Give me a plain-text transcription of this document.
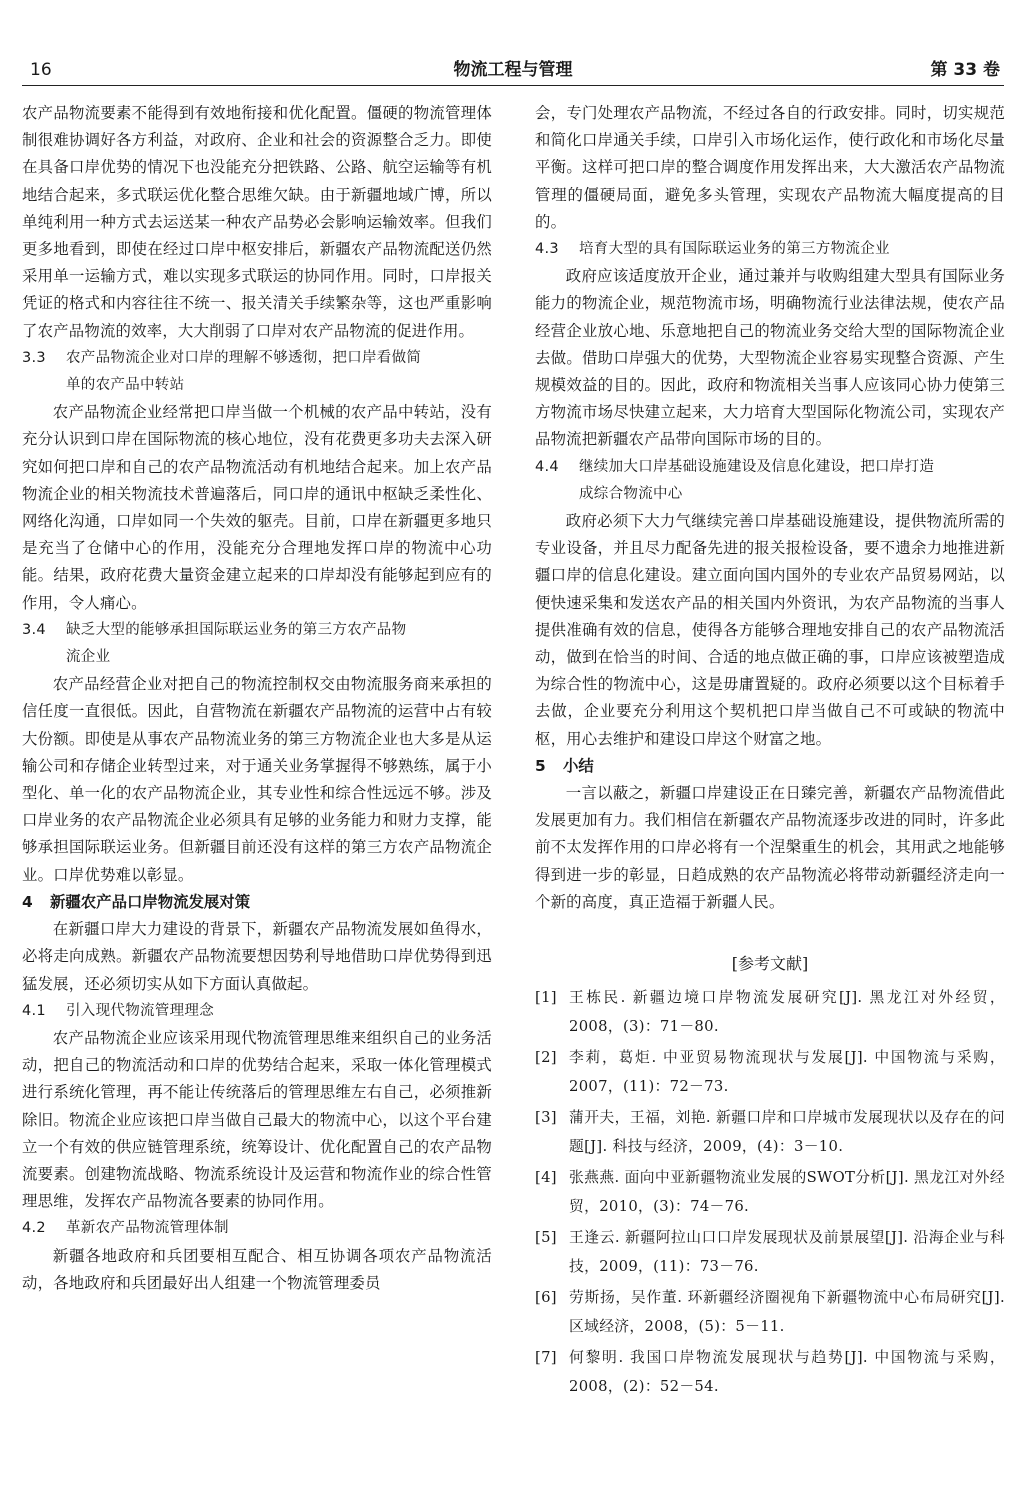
16	物流工程与管理	第 33 卷

农产品物流要素不能得到有效地衔接和优化配置。僵硬的物流管理体制很难协调好各方利益，对政府、企业和社会的资源整合乏力。即使在具备口岸优势的情况下也没能充分把铁路、公路、航空运输等有机地结合起来，多式联运优化整合思维欠缺。由于新疆地域广博，所以单纯利用一种方式去运送某一种农产品势必会影响运输效率。但我们更多地看到，即使在经过口岸中枢安排后，新疆农产品物流配送仍然采用单一运输方式，难以实现多式联运的协同作用。同时，口岸报关凭证的格式和内容往往不统一、报关清关手续繁杂等，这也严重影响了农产品物流的效率，大大削弱了口岸对农产品物流的促进作用。

3.3 农产品物流企业对口岸的理解不够透彻，把口岸看做简

单的农产品中转站

农产品物流企业经常把口岸当做一个机械的农产品中转站，没有充分认识到口岸在国际物流的核心地位，没有花费更多功夫去深入研究如何把口岸和自己的农产品物流活动有机地结合起来。加上农产品物流企业的相关物流技术普遍落后，同口岸的通讯中枢缺乏柔性化、网络化沟通，口岸如同一个失效的躯壳。目前，口岸在新疆更多地只是充当了仓储中心的作用，没能充分合理地发挥口岸的物流中心功能。结果，政府花费大量资金建立起来的口岸却没有能够起到应有的作用，令人痛心。

3.4 缺乏大型的能够承担国际联运业务的第三方农产品物

流企业

农产品经营企业对把自己的物流控制权交由物流服务商来承担的信任度一直很低。因此，自营物流在新疆农产品物流的运营中占有较大份额。即使是从事农产品物流业务的第三方物流企业也大多是从运输公司和存储企业转型过来，对于通关业务掌握得不够熟练，属于小型化、单一化的农产品物流企业，其专业性和综合性远远不够。涉及口岸业务的农产品物流企业必须具有足够的业务能力和财力支撑，能够承担国际联运业务。但新疆目前还没有这样的第三方农产品物流企业。口岸优势难以彰显。

4 新疆农产品口岸物流发展对策

在新疆口岸大力建设的背景下，新疆农产品物流发展如鱼得水，必将走向成熟。新疆农产品物流要想因势利导地借助口岸优势得到迅猛发展，还必须切实从如下方面认真做起。

4.1 引入现代物流管理理念

农产品物流企业应该采用现代物流管理思维来组织自己的业务活动，把自己的物流活动和口岸的优势结合起来，采取一体化管理模式进行系统化管理，再不能让传统落后的管理思维左右自己，必须推新除旧。物流企业应该把口岸当做自己最大的物流中心，以这个平台建立一个有效的供应链管理系统，统筹设计、优化配置自己的农产品物流要素。创建物流战略、物流系统设计及运营和物流作业的综合性管理思维，发挥农产品物流各要素的协同作用。

4.2 革新农产品物流管理体制

新疆各地政府和兵团要相互配合、相互协调各项农产品物流活动，各地政府和兵团最好出人组建一个物流管理委员

会，专门处理农产品物流，不经过各自的行政安排。同时，切实规范和简化口岸通关手续，口岸引入市场化运作，使行政化和市场化尽量平衡。这样可把口岸的整合调度作用发挥出来，大大激活农产品物流管理的僵硬局面，避免多头管理，实现农产品物流大幅度提高的目的。

4.3 培育大型的具有国际联运业务的第三方物流企业

政府应该适度放开企业，通过兼并与收购组建大型具有国际业务能力的物流企业，规范物流市场，明确物流行业法律法规，使农产品经营企业放心地、乐意地把自己的物流业务交给大型的国际物流企业去做。借助口岸强大的优势，大型物流企业容易实现整合资源、产生规模效益的目的。因此，政府和物流相关当事人应该同心协力使第三方物流市场尽快建立起来，大力培育大型国际化物流公司，实现农产品物流把新疆农产品带向国际市场的目的。

4.4 继续加大口岸基础设施建设及信息化建设，把口岸打造

成综合物流中心

政府必须下大力气继续完善口岸基础设施建设，提供物流所需的专业设备，并且尽力配备先进的报关报检设备，要不遗余力地推进新疆口岸的信息化建设。建立面向国内国外的专业农产品贸易网站，以便快速采集和发送农产品的相关国内外资讯，为农产品物流的当事人提供准确有效的信息，使得各方能够合理地安排自己的农产品物流活动，做到在恰当的时间、合适的地点做正确的事，口岸应该被塑造成为综合性的物流中心，这是毋庸置疑的。政府必须要以这个目标着手去做，企业要充分利用这个契机把口岸当做自己不可或缺的物流中枢，用心去维护和建设口岸这个财富之地。

5 小结

一言以蔽之，新疆口岸建设正在日臻完善，新疆农产品物流借此发展更加有力。我们相信在新疆农产品物流逐步改进的同时，许多此前不太发挥作用的口岸必将有一个涅槃重生的机会，其用武之地能够得到进一步的彰显，日趋成熟的农产品物流必将带动新疆经济走向一个新的高度，真正造福于新疆人民。

[参考文献]

[1] 王栋民. 新疆边境口岸物流发展研究[J]. 黑龙江对外经贸，2008，(3)：71－80.

[2] 李莉，葛炬. 中亚贸易物流现状与发展[J]. 中国物流与采购，2007，(11)：72－73.

[3] 蒲开夫，王福，刘艳. 新疆口岸和口岸城市发展现状以及存在的问题[J]. 科技与经济，2009，(4)：3－10.

[4] 张燕燕. 面向中亚新疆物流业发展的SWOT分析[J]. 黑龙江对外经贸，2010，(3)：74－76.

[5] 王逢云. 新疆阿拉山口口岸发展现状及前景展望[J]. 沿海企业与科技，2009，(11)：73－76.

[6] 劳斯扬，吴作董. 环新疆经济圈视角下新疆物流中心布局研究[J]. 区域经济，2008，(5)：5－11.

[7] 何黎明. 我国口岸物流发展现状与趋势[J]. 中国物流与采购，2008，(2)：52－54.
